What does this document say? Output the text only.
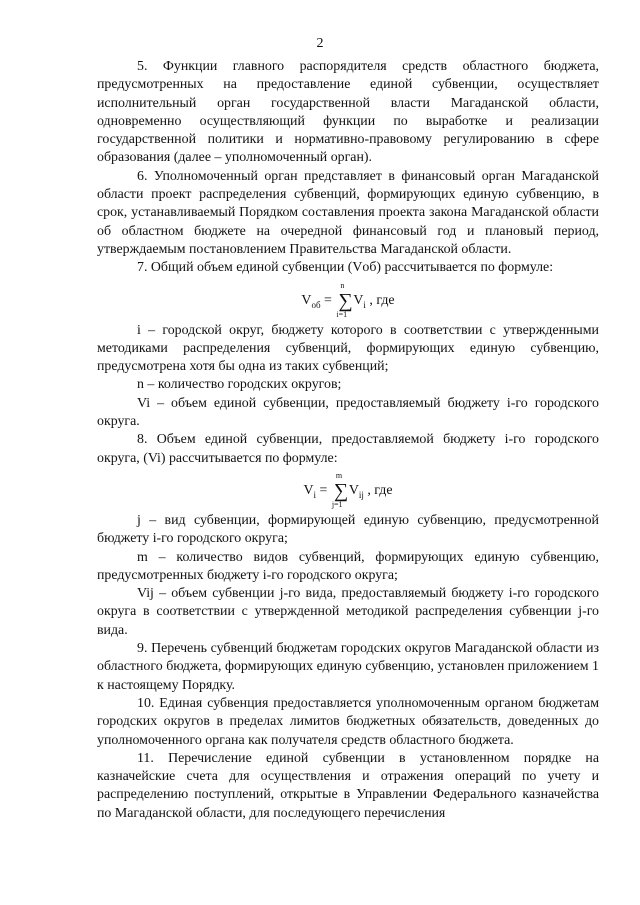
2

5. Функции главного распорядителя средств областного бюджета, предусмотренных на предоставление единой субвенции, осуществляет исполнительный орган государственной власти Магаданской области, одновременно осуществляющий функции по выработке и реализации государственной политики и нормативно-правовому регулированию в сфере образования (далее – уполномоченный орган).

6. Уполномоченный орган представляет в финансовый орган Магаданской области проект распределения субвенций, формирующих единую субвенцию, в срок, устанавливаемый Порядком составления проекта закона Магаданской области об областном бюджете на очередной финансовый год и плановый период, утверждаемым постановлением Правительства Магаданской области.

7. Общий объем единой субвенции (Vоб) рассчитывается по формуле:

$V_{об}$ =
n
∑
i=1
$V_i$ , где

i – городской округ, бюджету которого в соответствии с утвержденными методиками распределения субвенций, формирующих единую субвенцию, предусмотрена хотя бы одна из таких субвенций;

n – количество городских округов;

Vi – объем единой субвенции, предоставляемый бюджету i-го городского округа.

8. Объем единой субвенции, предоставляемой бюджету i-го городского округа, (Vi) рассчитывается по формуле:

$V_i$ =
m
∑
j=1
$V_{ij}$ , где

j – вид субвенции, формирующей единую субвенцию, предусмотренной бюджету i-го городского округа;

m – количество видов субвенций, формирующих единую субвенцию, предусмотренных бюджету i-го городского округа;

Vij – объем субвенции j-го вида, предоставляемый бюджету i-го городского округа в соответствии с утвержденной методикой распределения субвенции j-го вида.

9. Перечень субвенций бюджетам городских округов Магаданской области из областного бюджета, формирующих единую субвенцию, установлен приложением 1 к настоящему Порядку.

10. Единая субвенция предоставляется уполномоченным органом бюджетам городских округов в пределах лимитов бюджетных обязательств, доведенных до уполномоченного органа как получателя средств областного бюджета.

11. Перечисление единой субвенции в установленном порядке на казначейские счета для осуществления и отражения операций по учету и распределению поступлений, открытые в Управлении Федерального казначейства по Магаданской области, для последующего перечисления
